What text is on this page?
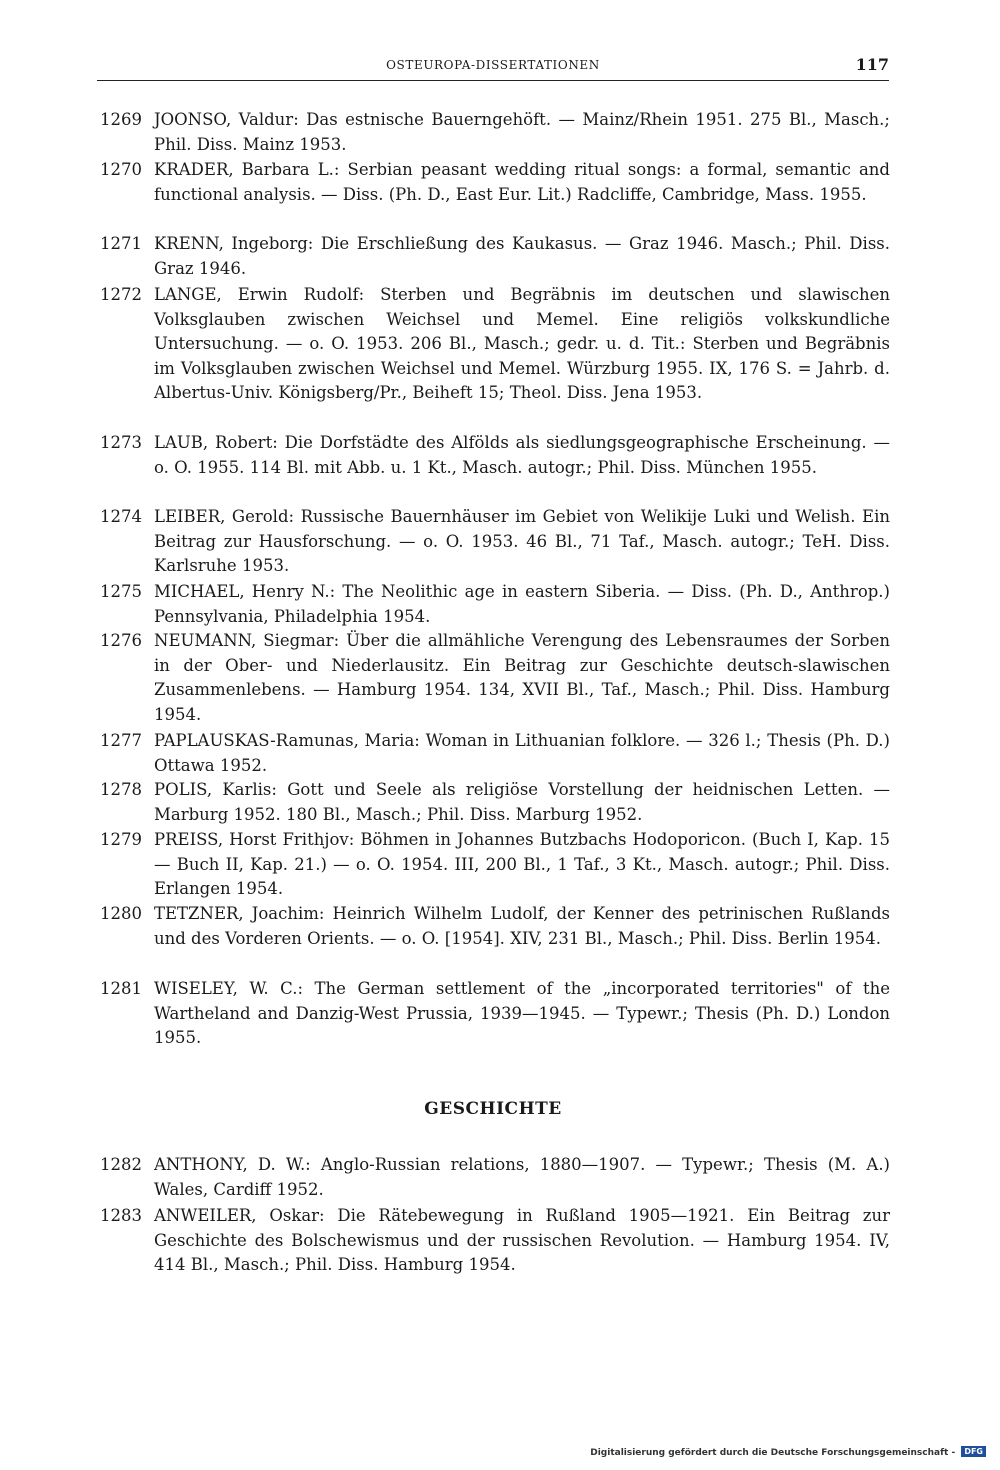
OSTEUROPA-DISSERTATIONEN	117
1269 JOONSO, Valdur: Das estnische Bauerngehöft. — Mainz/Rhein 1951. 275 Bl., Masch.; Phil. Diss. Mainz 1953.
1270 KRADER, Barbara L.: Serbian peasant wedding ritual songs: a formal, semantic and functional analysis. — Diss. (Ph. D., East Eur. Lit.) Radcliffe, Cambridge, Mass. 1955.
1271 KRENN, Ingeborg: Die Erschließung des Kaukasus. — Graz 1946. Masch.; Phil. Diss. Graz 1946.
1272 LANGE, Erwin Rudolf: Sterben und Begräbnis im deutschen und slawischen Volksglauben zwischen Weichsel und Memel. Eine religiös volkskundliche Untersuchung. — o. O. 1953. 206 Bl., Masch.; gedr. u. d. Tit.: Sterben und Begräbnis im Volksglauben zwischen Weichsel und Memel. Würzburg 1955. IX, 176 S. = Jahrb. d. Albertus-Univ. Königsberg/Pr., Beiheft 15; Theol. Diss. Jena 1953.
1273 LAUB, Robert: Die Dorfstädte des Alfölds als siedlungsgeographische Erscheinung. — o. O. 1955. 114 Bl. mit Abb. u. 1 Kt., Masch. autogr.; Phil. Diss. München 1955.
1274 LEIBER, Gerold: Russische Bauernhäuser im Gebiet von Welikije Luki und Welish. Ein Beitrag zur Hausforschung. — o. O. 1953. 46 Bl., 71 Taf., Masch. autogr.; TeH. Diss. Karlsruhe 1953.
1275 MICHAEL, Henry N.: The Neolithic age in eastern Siberia. — Diss. (Ph. D., Anthrop.) Pennsylvania, Philadelphia 1954.
1276 NEUMANN, Siegmar: Über die allmähliche Verengung des Lebensraumes der Sorben in der Ober- und Niederlausitz. Ein Beitrag zur Geschichte deutsch-slawischen Zusammenlebens. — Hamburg 1954. 134, XVII Bl., Taf., Masch.; Phil. Diss. Hamburg 1954.
1277 PAPLAUSKAS-Ramunas, Maria: Woman in Lithuanian folklore. — 326 l.; Thesis (Ph. D.) Ottawa 1952.
1278 POLIS, Karlis: Gott und Seele als religiöse Vorstellung der heidnischen Letten. — Marburg 1952. 180 Bl., Masch.; Phil. Diss. Marburg 1952.
1279 PREISS, Horst Frithjov: Böhmen in Johannes Butzbachs Hodoporicon. (Buch I, Kap. 15 — Buch II, Kap. 21.) — o. O. 1954. III, 200 Bl., 1 Taf., 3 Kt., Masch. autogr.; Phil. Diss. Erlangen 1954.
1280 TETZNER, Joachim: Heinrich Wilhelm Ludolf, der Kenner des petrinischen Rußlands und des Vorderen Orients. — o. O. [1954]. XIV, 231 Bl., Masch.; Phil. Diss. Berlin 1954.
1281 WISELEY, W. C.: The German settlement of the „incorporated territories" of the Wartheland and Danzig-West Prussia, 1939—1945. — Typewr.; Thesis (Ph. D.) London 1955.
GESCHICHTE
1282 ANTHONY, D. W.: Anglo-Russian relations, 1880—1907. — Typewr.; Thesis (M. A.) Wales, Cardiff 1952.
1283 ANWEILER, Oskar: Die Rätebewegung in Rußland 1905—1921. Ein Beitrag zur Geschichte des Bolschewismus und der russischen Revolution. — Hamburg 1954. IV, 414 Bl., Masch.; Phil. Diss. Hamburg 1954.
Digitalisierung gefördert durch die Deutsche Forschungsgemeinschaft - DFG
